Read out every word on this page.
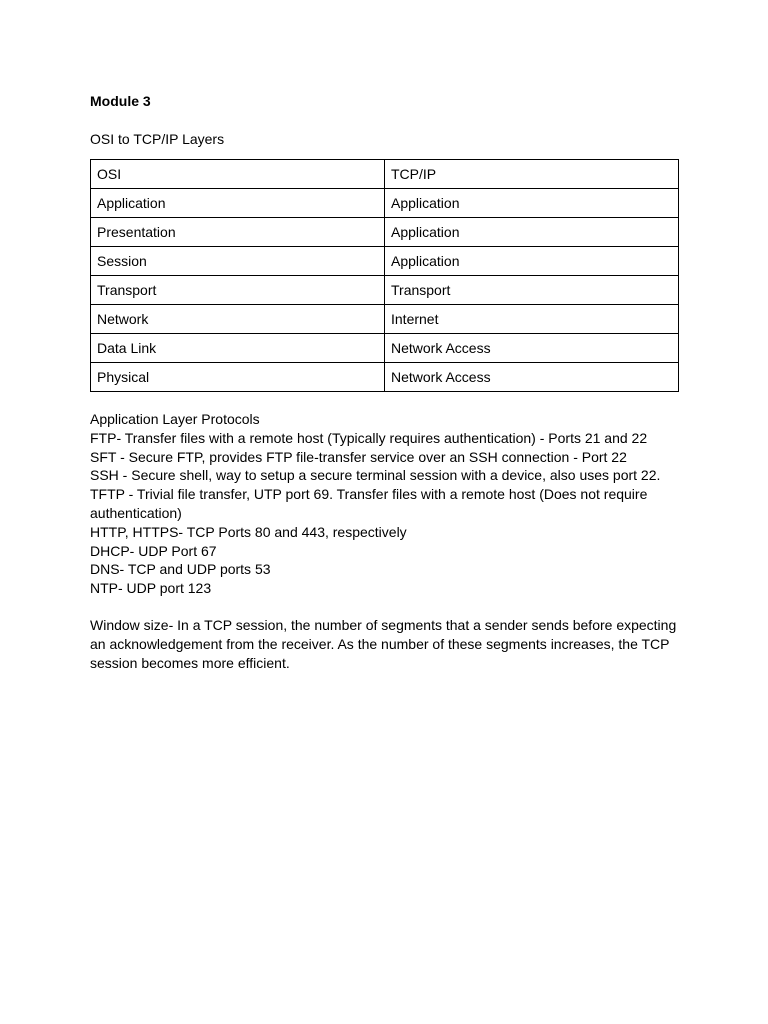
Module 3
OSI to TCP/IP Layers
OSI	TCP/IP
Application	Application
Presentation	Application
Session	Application
Transport	Transport
Network	Internet
Data Link	Network Access
Physical	Network Access
Application Layer Protocols
FTP- Transfer files with a remote host (Typically requires authentication) - Ports 21 and 22
SFT - Secure FTP, provides FTP file-transfer service over an SSH connection - Port 22
SSH - Secure shell, way to setup a secure terminal session with a device, also uses port 22.
TFTP - Trivial file transfer, UTP port 69. Transfer files with a remote host (Does not require authentication)
HTTP, HTTPS- TCP Ports 80 and 443, respectively
DHCP- UDP Port 67
DNS- TCP and UDP ports 53
NTP- UDP port 123
Window size- In a TCP session, the number of segments that a sender sends before expecting an acknowledgement from the receiver. As the number of these segments increases, the TCP session becomes more efficient.
